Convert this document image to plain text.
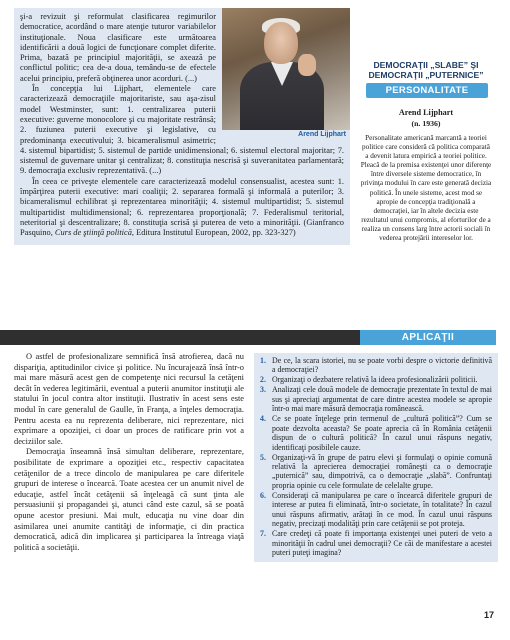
Arend Lijphart

şi-a revizuit şi reformulat clasificarea regimurilor democratice, acordând o mare atenţie tuturor variabilelor instituţionale. Noua clasificare este următoarea identificării a două logici de funcţionare complet diferite. Prima, bazată pe principiul majorităţii, se axează pe conflictul politic; cea de-a doua, temându-se de efectele acelui principiu, preferă obţinerea unor acorduri. (...)

În concepţia lui Lijphart, elementele care caracterizează democraţiile majoritariste, sau aşa-zisul model Westminster, sunt: 1. centralizarea puterii executive: guverne monocolore şi cu majoritate restrânsă; 2. fuziunea puterii executive şi legislative, cu predominanţa executivului; 3. bicameralismul asimetric; 4. sistemul bipartidist; 5. sistemul de partide unidimensional; 6. sistemul electoral majoritar; 7. sistemul de guvernare unitar şi centralizat; 8. constituţia nescrisă şi suveranitatea parlamentară; 9. democraţia exclusiv reprezentativă. (...)

În ceea ce priveşte elementele care caracterizează modelul consensualist, acestea sunt: 1. împărţirea puterii executive: mari coaliţii; 2. separarea formală şi informală a puterilor; 3. bicameralismul echilibrat şi reprezentarea minorităţii; 4. sistemul multipartidist; 5. sistemul multipartidist multidimensional; 6. reprezentarea proporţională; 7. Federalismul teritorial, neteritorial şi descentralizare; 8. constituţia scrisă şi puterea de veto a minorităţii. (Gianfranco Pasquino, Curs de ştiinţă politică, Editura Institutul European, 2002, pp. 323-327)

DEMOCRAŢII „SLABE” ŞI DEMOCRAŢII „PUTERNICE”
PERSONALITATE
Arend Lijphart
(n. 1936)
Personalitate americană marcantă a teoriei politice care consideră că politica comparată a devenit latura empirică a teoriei politice. Pleacă de la premisa existenţei unor diferenţe între diversele sisteme democratice, în privinţa modului în care este generată decizia politică. În unele sisteme, acest mod se apropie de concepţia tradiţională a democraţiei, iar în altele decizia este rezultatul unui compromis, al eforturilor de a realiza un consens larg între actorii sociali în vederea protejării intereselor lor.
APLICAŢII

O astfel de profesionalizare semnifică însă atrofierea, dacă nu dispariţia, aptitudinilor civice şi politice. Nu încurajează însă într-o mai mare măsură acest gen de competenţe nici recursul la cetăţeni decât în vederea legitimării, eventual a puterii anumitor instituţii ale statului în jocul contra altor instituţii. Ilustrativ în acest sens este modul în care generalul de Gaulle, în Franţa, a înţeles democraţia. Pentru acesta ea nu reprezenta deliberare, nici reprezentare, nici exprimare a opoziţiei, ci doar un proces de ratificare prin vot a deciziilor sale.

Democraţia înseamnă însă simultan deliberare, reprezentare, posibilitate de exprimare a opoziţiei etc., respectiv capacitatea cetăţenilor de a trece dincolo de manipularea pe care diferitele grupuri de interese o încearcă. Toate acestea cer un anumit nivel de educaţie, astfel încât cetăţenii să înţeleagă că sunt ţinta ale persuasiunii şi propagandei şi, atunci când este cazul, să se poată opune acestor presiuni. Mai mult, educaţia nu vine doar din asimilarea unei anumite cantităţi de informaţie, ci din practica democratică, adică din implicarea şi participarea la întreaga viaţă politică a societăţii.

1. De ce, la scara istoriei, nu se poate vorbi despre o victorie definitivă a democraţiei?
2. Organizaţi o dezbatere relativă la ideea profesionalizării politicii.
3. Analizaţi cele două modele de democraţie prezentate în textul de mai sus şi apreciaţi argumentat de care dintre acestea modele se apropie într-o mai mare măsură democraţia românească.
4. Ce se poate înţelege prin termenul de „cultură politică”? Cum se poate dezvolta aceasta? Se poate aprecia că în România cetăţenii dispun de o cultură politică? În cazul unui răspuns negativ, identificaţi posibilele cauze.
5. Organizaţi-vă în grupe de patru elevi şi formulaţi o opinie comună relativă la aprecierea democraţiei româneşti ca o democraţie „puternică” sau, dimpotrivă, ca o democraţie „slabă”. Confruntaţi propria opinie cu cele formulate de celelalte grupe.
6. Consideraţi că manipularea pe care o încearcă diferitele grupuri de interese ar putea fi eliminată, într-o societate, în totalitate? În cazul unui răspuns afirmativ, arătaţi în ce mod. În cazul unui răspuns negativ, precizaţi modalităţi prin care cetăţenii se pot proteja.
7. Care credeţi că poate fi importanţa existenţei unei puteri de veto a minorităţii în cadrul unei democraţii? Ce căi de manifestare a acestei puteri puteţi imagina?
17
